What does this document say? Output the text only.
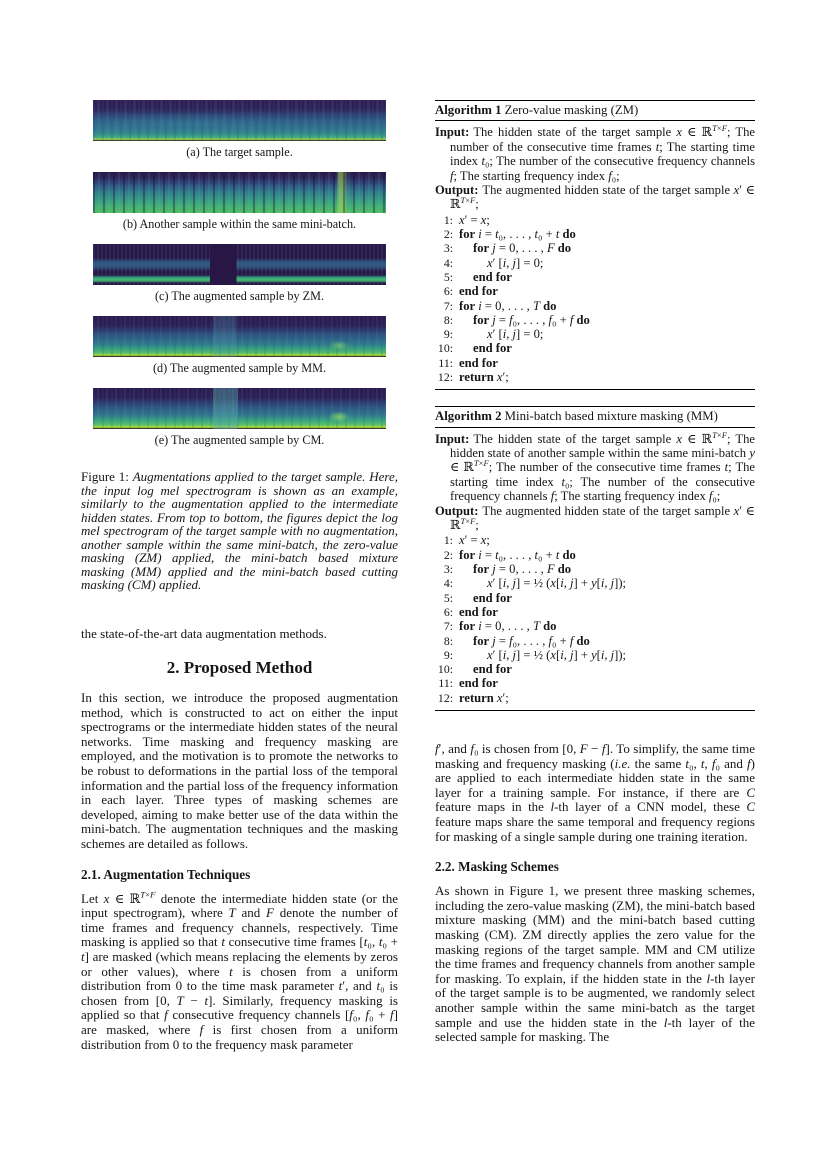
(a) The target sample.
(b) Another sample within the same mini-batch.
(c) The augmented sample by ZM.
(d) The augmented sample by MM.
(e) The augmented sample by CM.
Figure 1: Augmentations applied to the target sample. Here, the input log mel spectrogram is shown as an example, similarly to the augmentation applied to the intermediate hidden states. From top to bottom, the figures depict the log mel spectrogram of the target sample with no augmentation, another sample within the same mini-batch, the zero-value masking (ZM) applied, the mini-batch based mixture masking (MM) applied and the mini-batch based cutting masking (CM) applied.

the state-of-the-art data augmentation methods.

2. Proposed Method

In this section, we introduce the proposed augmentation method, which is constructed to act on either the input spectrograms or the intermediate hidden states of the neural networks. Time masking and frequency masking are employed, and the motivation is to promote the networks to be robust to deformations in the partial loss of the temporal information and the partial loss of the frequency information in each layer. Three types of masking schemes are developed, aiming to make better use of the data within the mini-batch. The augmentation techniques and the masking schemes are detailed as follows.

2.1. Augmentation Techniques

Let x ∈ ℝ$^{T\times F}$ denote the intermediate hidden state (or the input spectrogram), where T and F denote the number of time frames and frequency channels, respectively. Time masking is applied so that t consecutive time frames [t₀, t₀ + t] are masked (which means replacing the elements by zeros or other values), where t is chosen from a uniform distribution from 0 to the time mask parameter t′, and t₀ is chosen from [0, T − t]. Similarly, frequency masking is applied so that f consecutive frequency channels [f₀, f₀ + f] are masked, where f is first chosen from a uniform distribution from 0 to the frequency mask parameter

Algorithm 1 Zero-value masking (ZM)

Input: The hidden state of the target sample x ∈ ℝ$^{T\times F}$; The number of the consecutive time frames t; The starting time index t₀; The number of the consecutive frequency channels f; The starting frequency index f₀;

Output: The augmented hidden state of the target sample x′ ∈ ℝ$^{T\times F}$;

1: x′ = x;
2: for i = t₀, . . . , t₀ + t do
3:	for j = 0, . . . , F do
4:	x′ [i, j] = 0;
5:	end for
6: end for
7: for i = 0, . . . , T do
8:	for j = f₀, . . . , f₀ + f do
9:	x′ [i, j] = 0;
10:	end for
11: end for
12: return x′;
Algorithm 2 Mini-batch based mixture masking (MM)

Input: The hidden state of the target sample x ∈ ℝ$^{T\times F}$; The hidden state of another sample within the same mini-batch y ∈ ℝ$^{T\times F}$; The number of the consecutive time frames t; The starting time index t₀; The number of the consecutive frequency channels f; The starting frequency index f₀;

Output: The augmented hidden state of the target sample x′ ∈ ℝ$^{T\times F}$;

1: x′ = x;
2: for i = t₀, . . . , t₀ + t do
3:	for j = 0, . . . , F do
4:	x′ [i, j] = ½ (x[i, j] + y[i, j]);
5:	end for
6: end for
7: for i = 0, . . . , T do
8:	for j = f₀, . . . , f₀ + f do
9:	x′ [i, j] = ½ (x[i, j] + y[i, j]);
10:	end for
11: end for
12: return x′;

f′, and f₀ is chosen from [0, F − f]. To simplify, the same time masking and frequency masking (i.e. the same t₀, t, f₀ and f) are applied to each intermediate hidden state in the same layer for a training sample. For instance, if there are C feature maps in the l-th layer of a CNN model, these C feature maps share the same temporal and frequency regions for masking of a single sample during one training iteration.

2.2. Masking Schemes

As shown in Figure 1, we present three masking schemes, including the zero-value masking (ZM), the mini-batch based mixture masking (MM) and the mini-batch based cutting masking (CM). ZM directly applies the zero value for the masking regions of the target sample. MM and CM utilize the time frames and frequency channels from another sample for masking. To explain, if the hidden state in the l-th layer of the target sample is to be augmented, we randomly select another sample within the same mini-batch as the target sample and use the hidden state in the l-th layer of the selected sample for masking. The
